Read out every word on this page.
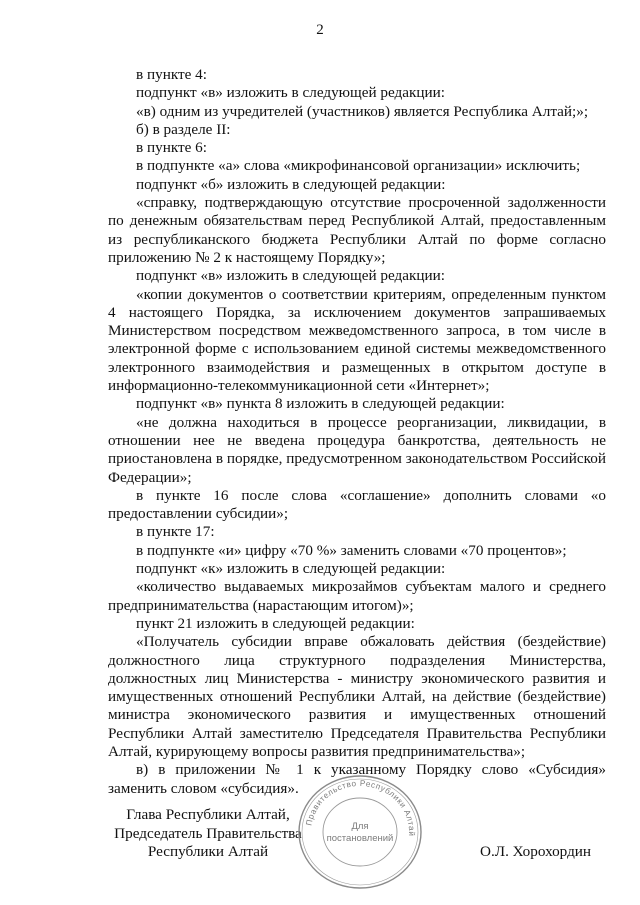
2

в пункте 4:

подпункт «в» изложить в следующей редакции:

«в) одним из учредителей (участников) является Республика Алтай;»;

б) в разделе II:

в пункте 6:

в подпункте «а» слова «микрофинансовой организации» исключить;

подпункт «б» изложить в следующей редакции:

«справку, подтверждающую отсутствие просроченной задолженности по денежным обязательствам перед Республикой Алтай, предоставленным из республиканского бюджета Республики Алтай по форме согласно приложению № 2 к настоящему Порядку»;

подпункт «в» изложить в следующей редакции:

«копии документов о соответствии критериям, определенным пунктом 4 настоящего Порядка, за исключением документов запрашиваемых Министерством посредством межведомственного запроса, в том числе в электронной форме с использованием единой системы межведомственного электронного взаимодействия и размещенных в открытом доступе в информационно-телекоммуникационной сети «Интернет»;

подпункт «в» пункта 8 изложить в следующей редакции:

«не должна находиться в процессе реорганизации, ликвидации, в отношении нее не введена процедура банкротства, деятельность не приостановлена в порядке, предусмотренном законодательством Российской Федерации»;

в пункте 16 после слова «соглашение» дополнить словами «о предоставлении субсидии»;

в пункте 17:

в подпункте «и» цифру «70 %» заменить словами «70 процентов»;

подпункт «к» изложить в следующей редакции:

«количество выдаваемых микрозаймов субъектам малого и среднего предпринимательства (нарастающим итогом)»;

пункт 21 изложить в следующей редакции:

«Получатель субсидии вправе обжаловать действия (бездействие) должностного лица структурного подразделения Министерства, должностных лиц Министерства - министру экономического развития и имущественных отношений Республики Алтай, на действие (бездействие) министра экономического развития и имущественных отношений Республики Алтай заместителю Председателя Правительства Республики Алтай, курирующему вопросы развития предпринимательства»;

в) в приложении № 1 к указанному Порядку слово «Субсидия» заменить словом «субсидия».

Глава Республики Алтай,
Председатель Правительства
Республики Алтай	О.Л. Хорохордин
Правительство Республики Алтай
Для
постановлений
